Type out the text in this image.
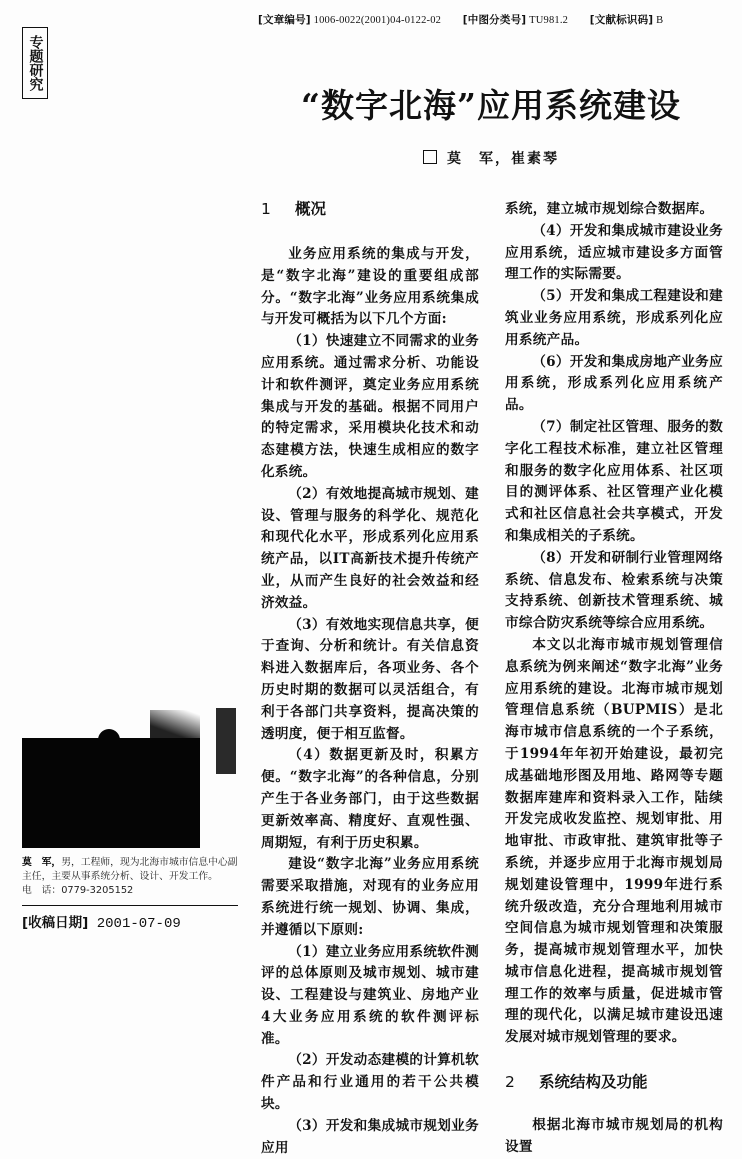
[文章编号] 1006-0022(2001)04-0122-02 [中图分类号] TU981.2 [文献标识码] B
专题研究
“数字北海”应用系统建设
莫　军，崔素琴
1 概况

业务应用系统的集成与开发，是“数字北海”建设的重要组成部分。“数字北海”业务应用系统集成与开发可概括为以下几个方面:

（1）快速建立不同需求的业务应用系统。通过需求分析、功能设计和软件测评，奠定业务应用系统集成与开发的基础。根据不同用户的特定需求，采用模块化技术和动态建模方法，快速生成相应的数字化系统。

（2）有效地提高城市规划、建设、管理与服务的科学化、规范化和现代化水平，形成系列化应用系统产品，以IT高新技术提升传统产业，从而产生良好的社会效益和经济效益。

（3）有效地实现信息共享，便于查询、分析和统计。有关信息资料进入数据库后，各项业务、各个历史时期的数据可以灵活组合，有利于各部门共享资料，提高决策的透明度，便于相互监督。

（4）数据更新及时，积累方便。“数字北海”的各种信息，分别产生于各业务部门，由于这些数据更新效率高、精度好、直观性强、周期短，有利于历史积累。

建设“数字北海”业务应用系统需要采取措施，对现有的业务应用系统进行统一规划、协调、集成，并遵循以下原则:

（1）建立业务应用系统软件测评的总体原则及城市规划、城市建设、工程建设与建筑业、房地产业4大业务应用系统的软件测评标准。

（2）开发动态建模的计算机软件产品和行业通用的若干公共模块。

（3）开发和集成城市规划业务应用

系统，建立城市规划综合数据库。

（4）开发和集成城市建设业务应用系统，适应城市建设多方面管理工作的实际需要。

（5）开发和集成工程建设和建筑业业务应用系统，形成系列化应用系统产品。

（6）开发和集成房地产业务应用系统，形成系列化应用系统产品。

（7）制定社区管理、服务的数字化工程技术标准，建立社区管理和服务的数字化应用体系、社区项目的测评体系、社区管理产业化模式和社区信息社会共享模式，开发和集成相关的子系统。

（8）开发和研制行业管理网络系统、信息发布、检索系统与决策支持系统、创新技术管理系统、城市综合防灾系统等综合应用系统。

本文以北海市城市规划管理信息系统为例来阐述“数字北海”业务应用系统的建设。北海市城市规划管理信息系统（BUPMIS）是北海市城市信息系统的一个子系统，于1994年年初开始建设，最初完成基础地形图及用地、路网等专题数据库建库和资料录入工作，陆续开发完成收发监控、规划审批、用地审批、市政审批、建筑审批等子系统，并逐步应用于北海市规划局规划建设管理中，1999年进行系统升级改造，充分合理地利用城市空间信息为城市规划管理和决策服务，提高城市规划管理水平，加快城市信息化进程，提高城市规划管理工作的效率与质量，促进城市管理的现代化，以满足城市建设迅速发展对城市规划管理的要求。

2 系统结构及功能

根据北海市城市规划局的机构设置

莫　军，男，工程师，现为北海市城市信息中心副主任，主要从事系统分析、设计、开发工作。
电　话：0779-3205152
[收稿日期] 2001-07-09
